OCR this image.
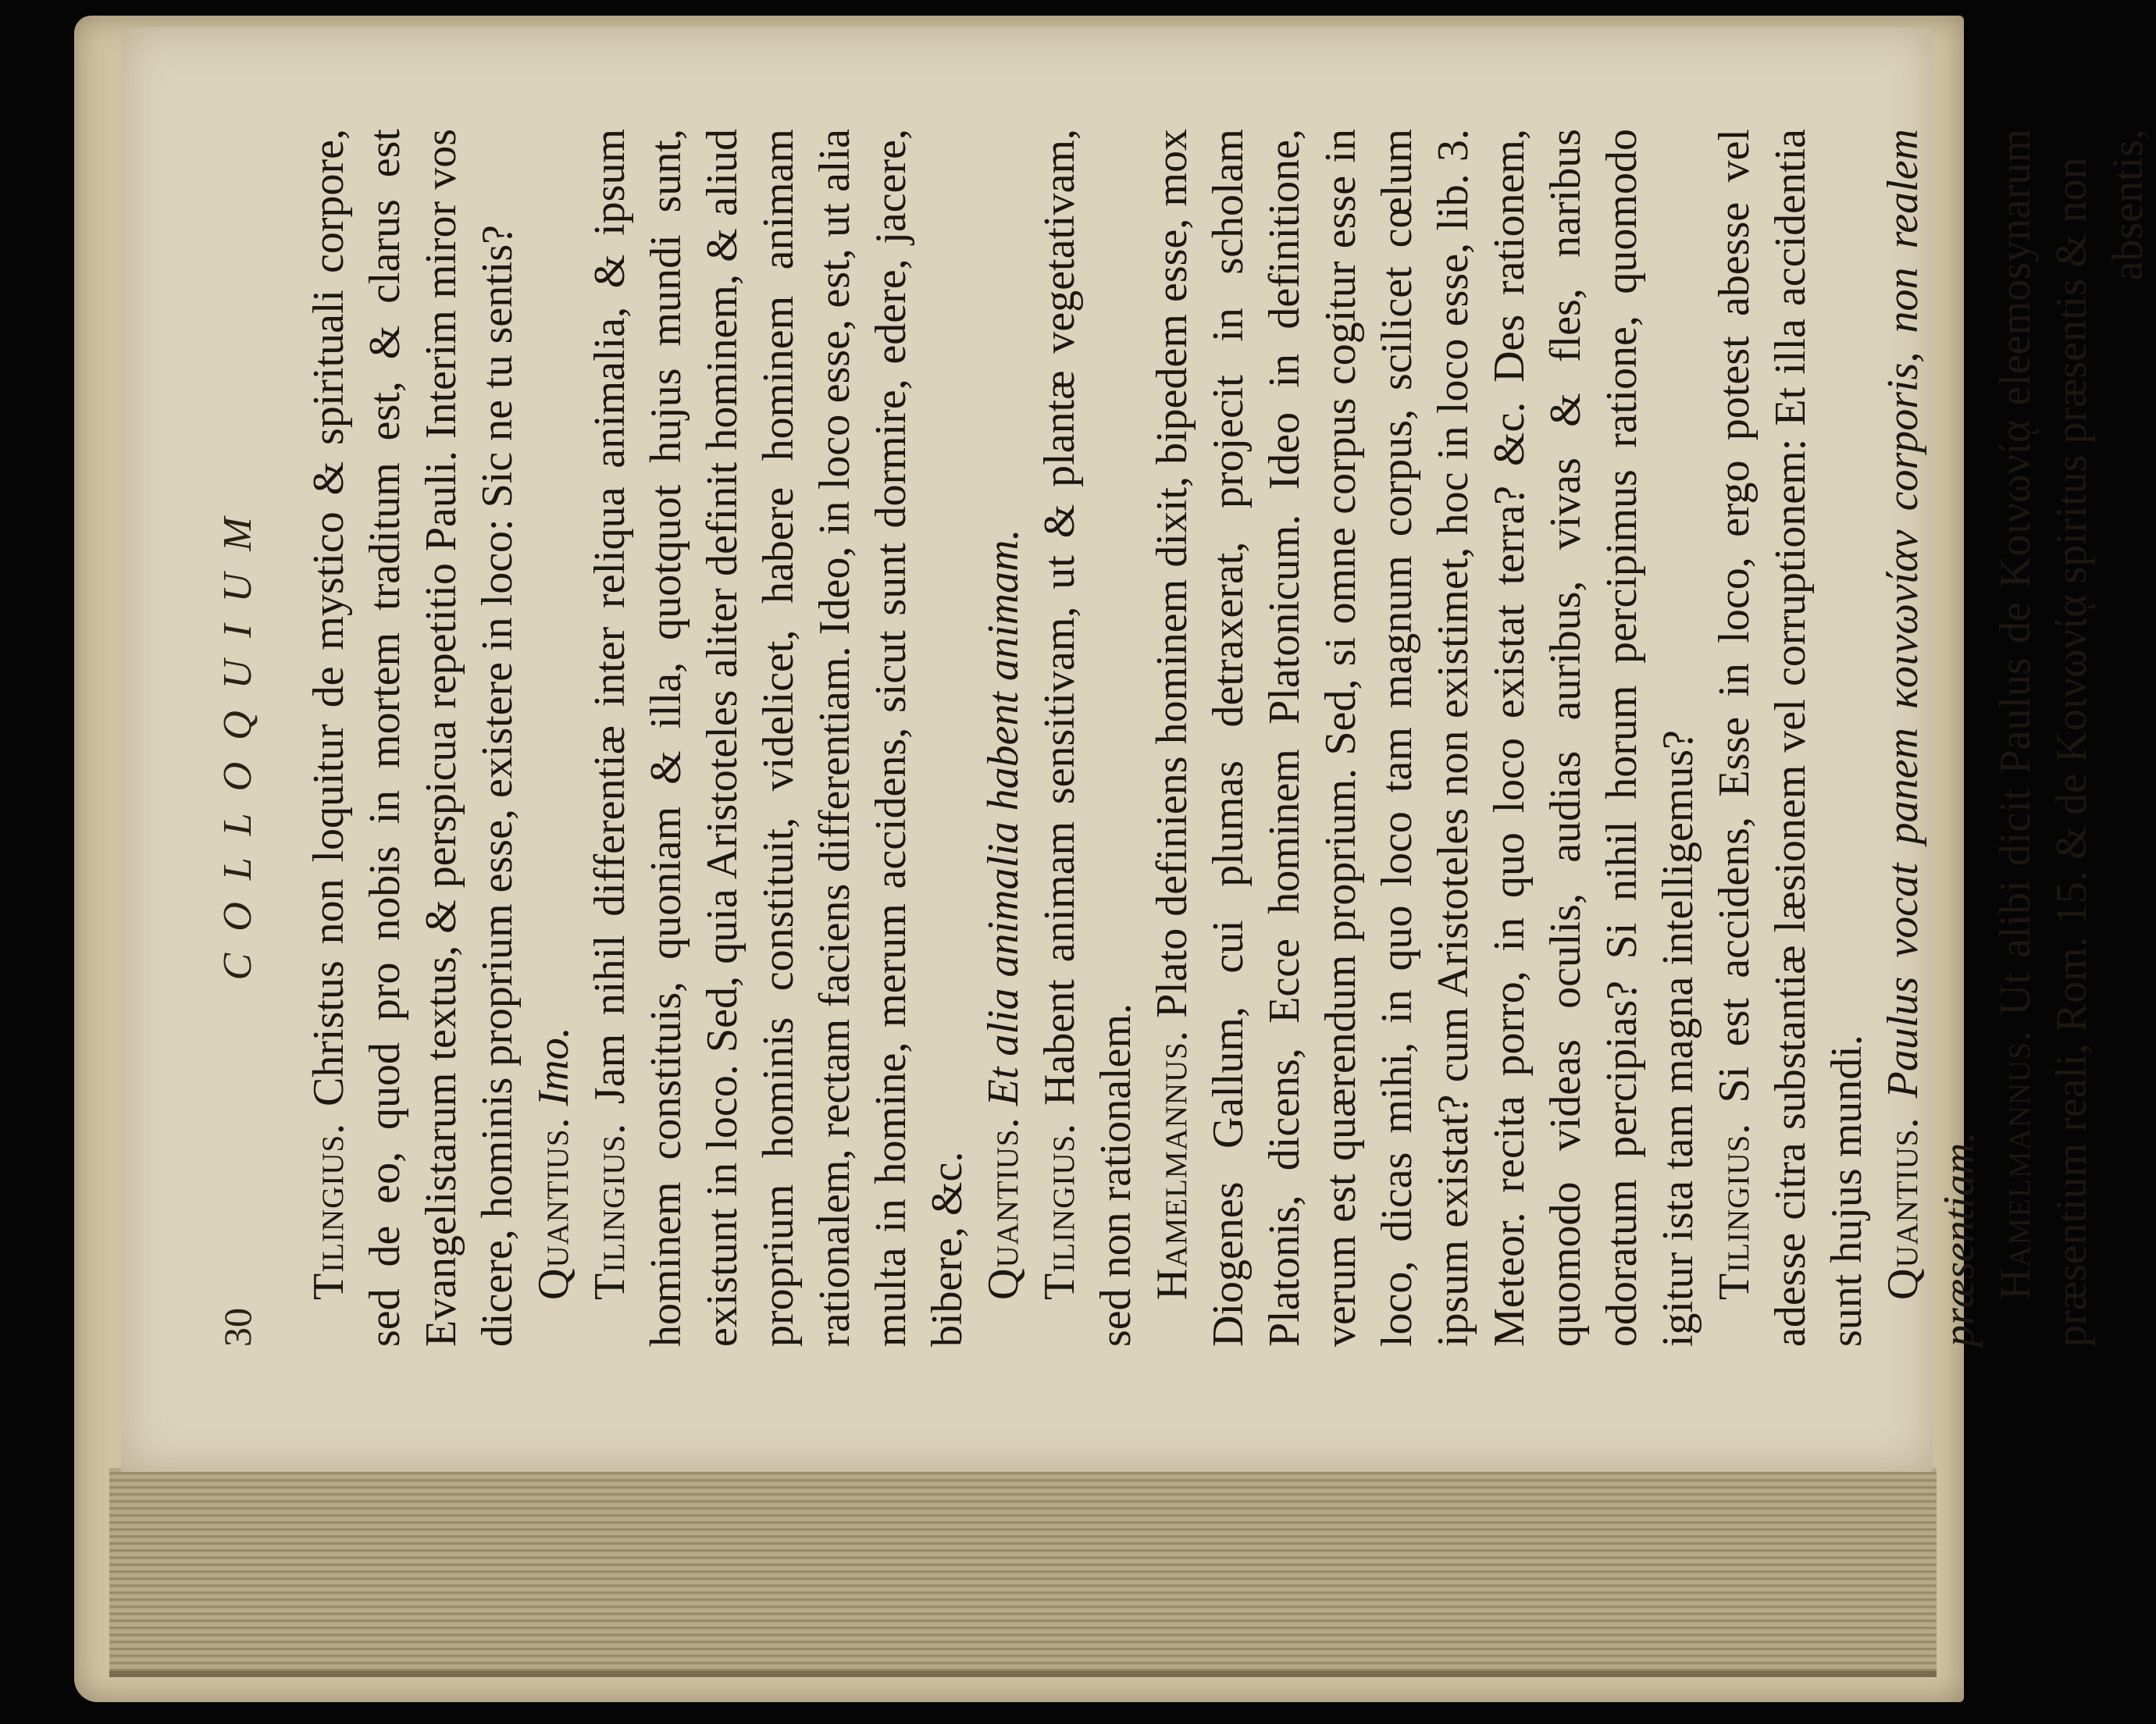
30
COLLOQUIUM

Tilingius. Christus non loquitur de mystico & spirituali corpore, sed de eo, quod pro nobis in mortem traditum est, & clarus est Evangelistarum textus, & perspicua repetitio Pauli. Interim miror vos dicere, hominis proprium esse, existere in loco: Sic ne tu sentis? Quantius. Imo.

Tilingius. Jam nihil differentiæ inter reliqua animalia, & ipsum hominem constituis, quoniam & illa, quotquot hujus mundi sunt, existunt in loco. Sed, quia Aristoteles aliter definit hominem, & aliud proprium hominis constituit, videlicet, habere hominem animam rationalem, rectam faciens differentiam. Ideo, in loco esse, est, ut alia multa in homine, merum accidens, sicut sunt dormire, edere, jacere, bibere, &c. Quantius. Et alia animalia habent animam.

Tilingius. Habent animam sensitivam, ut & plantæ vegetativam, sed non rationalem. Hamelmannus. Plato definiens hominem dixit, bipedem esse, mox Diogenes Gallum, cui plumas detraxerat, projecit in scholam Platonis, dicens, Ecce hominem Platonicum. Ideo in definitione, verum est quærendum proprium. Sed, si omne corpus cogitur esse in loco, dicas mihi, in quo loco tam magnum corpus, scilicet cœlum ipsum existat? cum Aristoteles non existimet, hoc in loco esse, lib. 3. Meteor. recita porro, in quo loco existat terra? &c. Des rationem, quomodo videas oculis, audias auribus, vivas & fles, naribus odoratum percipias? Si nihil horum percipimus ratione, quomodo igitur ista tam magna intelligemus? Tilingius. Si est accidens, Esse in loco, ergo potest abesse vel adesse citra substantiæ læsionem vel corruptionem: Et illa accidentia sunt hujus mundi. Quantius. Paulus vocat panem κοινωνίαν corporis, non realem præsentiam. Hamelmannus. Ut alibi dicit Paulus de Κοινωνίᾳ eleemosynarum præsentium reali, Rom. 15. & de Κοινωνίᾳ spiritus præsentis & non absentis,
